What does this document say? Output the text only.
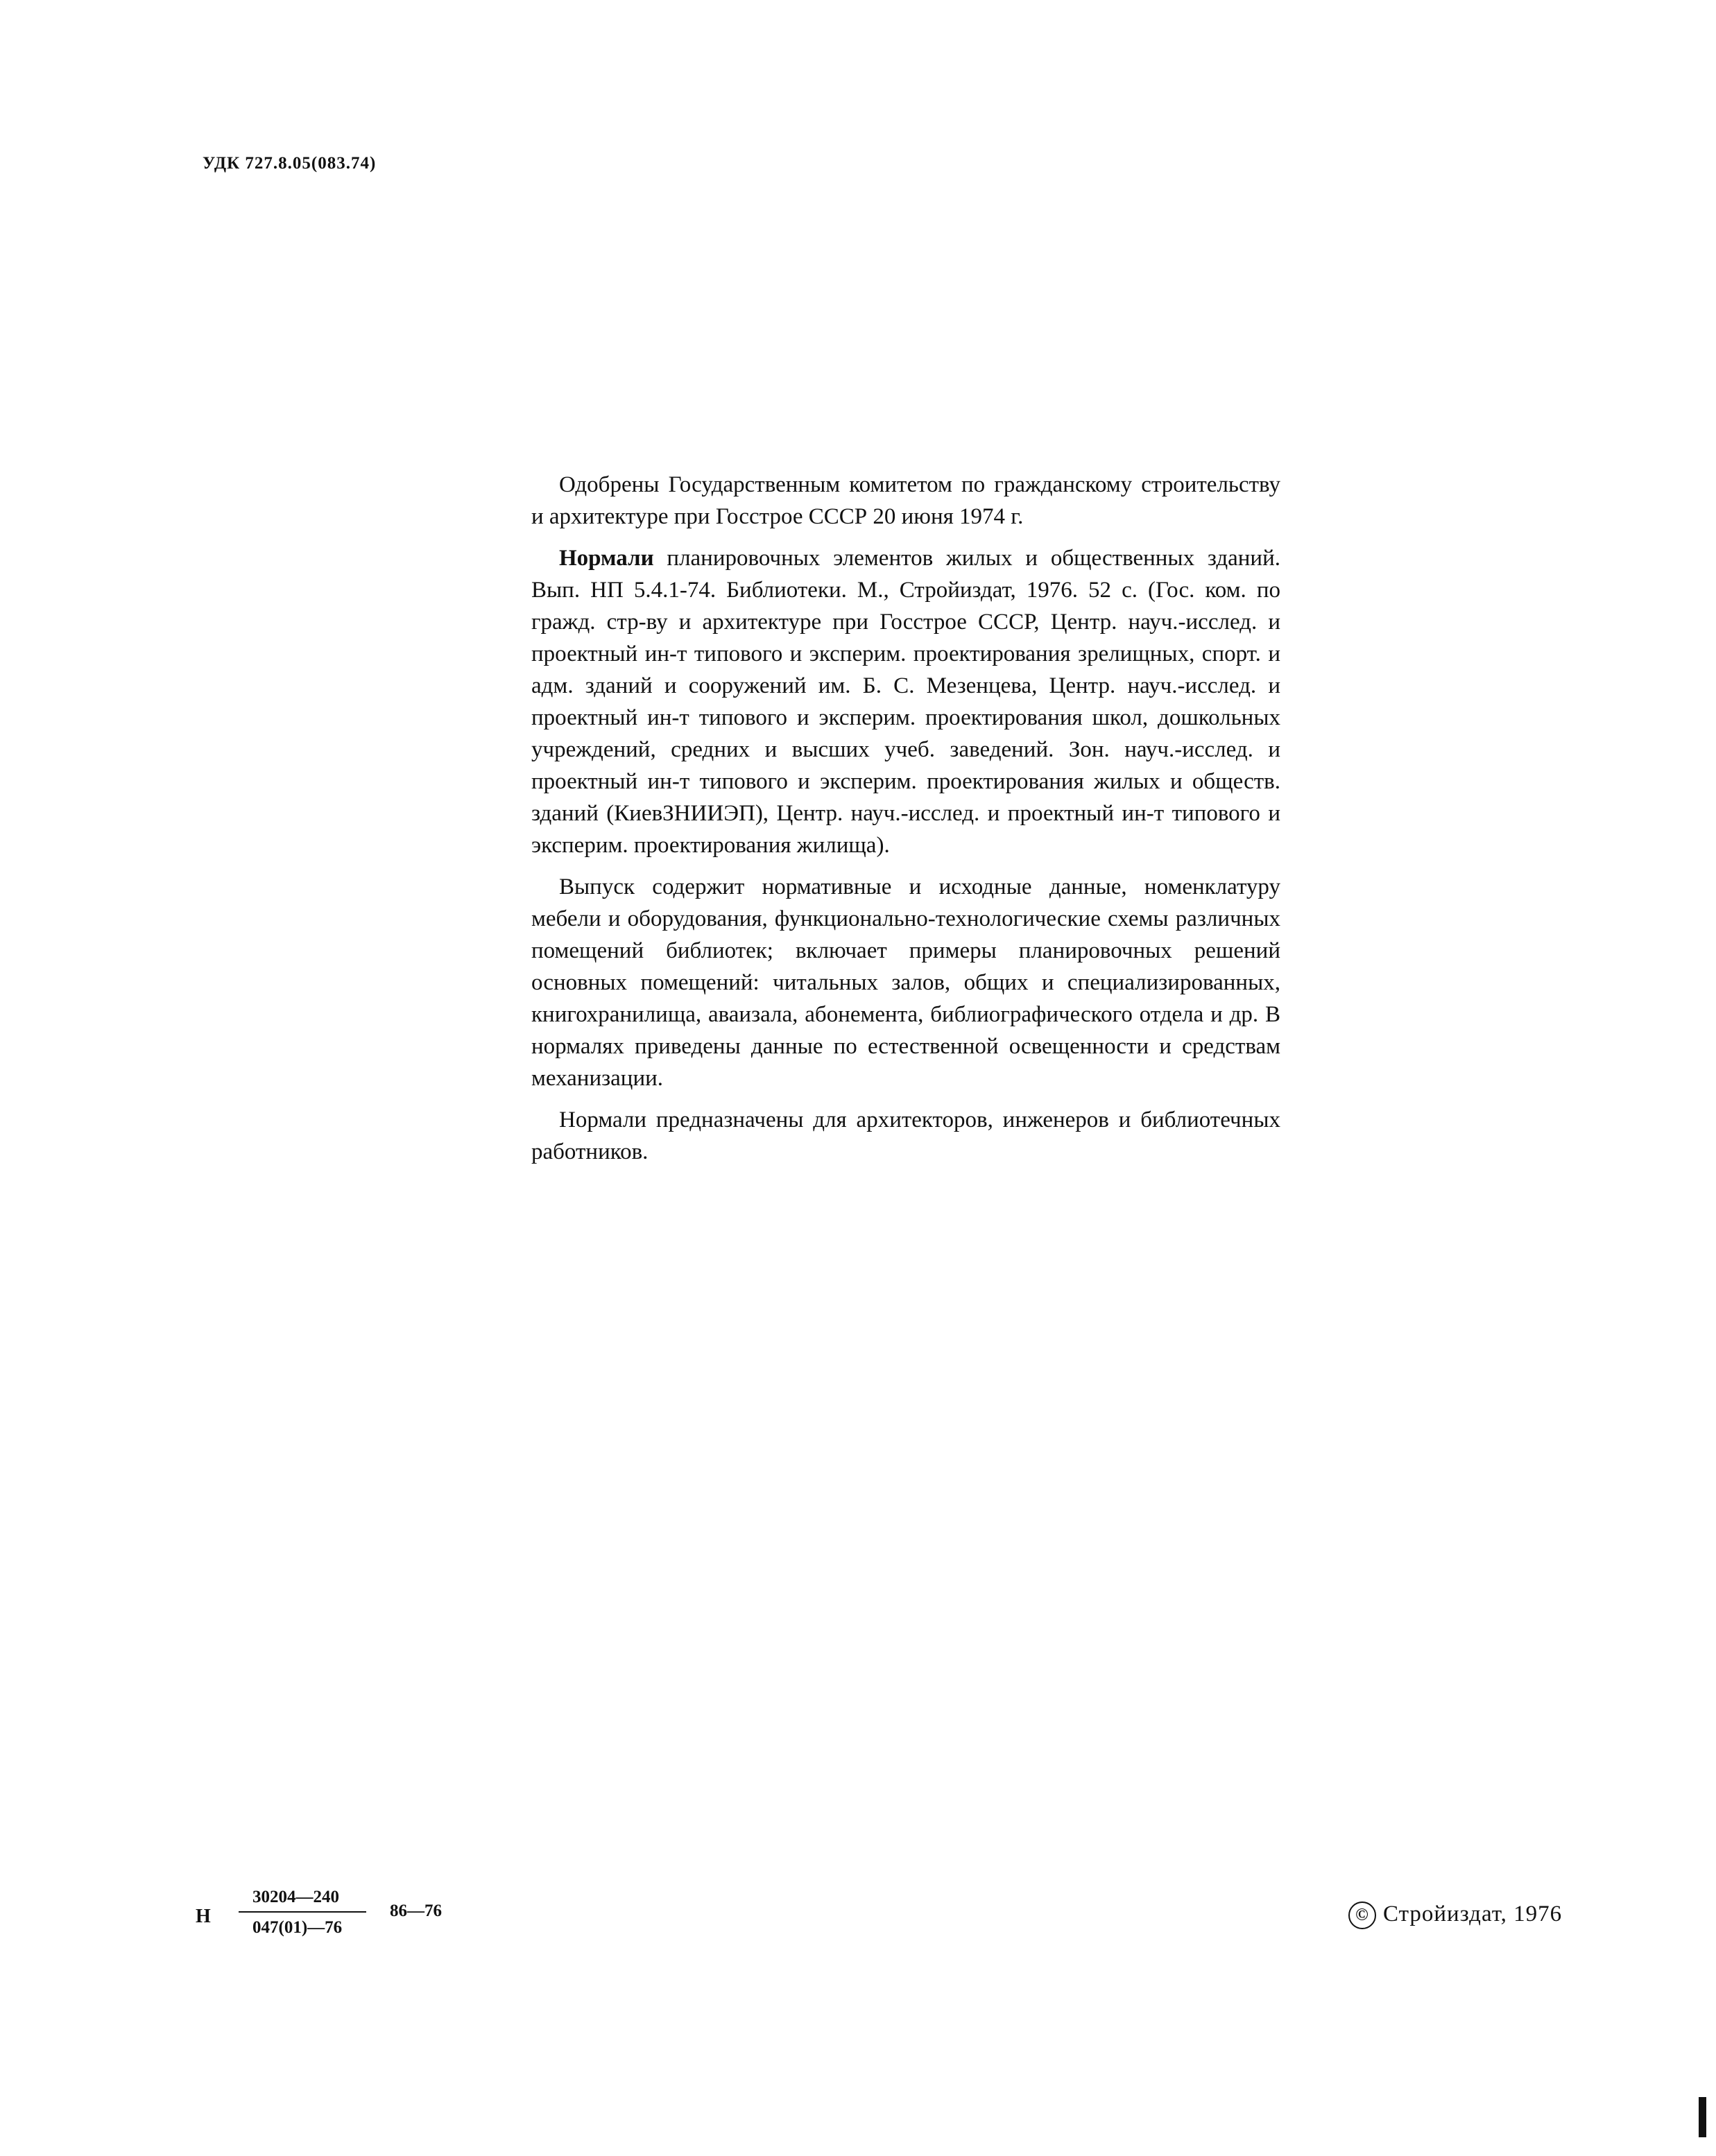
УДК 727.8.05(083.74)

Одобрены Государственным комитетом по гражданскому строительству и архитектуре при Госстрое СССР 20 июня 1974 г.

Нормали планировочных элементов жилых и общественных зданий. Вып. НП 5.4.1-74. Библиотеки. М., Стройиздат, 1976. 52 с. (Гос. ком. по гражд. стр-ву и архитектуре при Госстрое СССР, Центр. науч.-исслед. и проектный ин-т типового и эксперим. проектирования зрелищных, спорт. и адм. зданий и сооружений им. Б. С. Мезенцева, Центр. науч.-исслед. и проектный ин-т типового и эксперим. проектирования школ, дошкольных учреждений, средних и высших учеб. заведений. Зон. науч.-исслед. и проектный ин-т типового и эксперим. проектирования жилых и обществ. зданий (КиевЗНИИЭП), Центр. науч.-исслед. и проектный ин-т типового и эксперим. проектирования жилища).

Выпуск содержит нормативные и исходные данные, номенклатуру мебели и оборудования, функционально-технологические схемы различных помещений библиотек; включает примеры планировочных решений основных помещений: читальных залов, общих и специализированных, книгохранилища, аваизала, абонемента, библиографического отдела и др. В нормалях приведены данные по естественной освещенности и средствам механизации.

Нормали предназначены для архитекторов, инженеров и библиотечных работников.

Н
30204—240
047(01)—76
86—76	© Стройиздат, 1976
